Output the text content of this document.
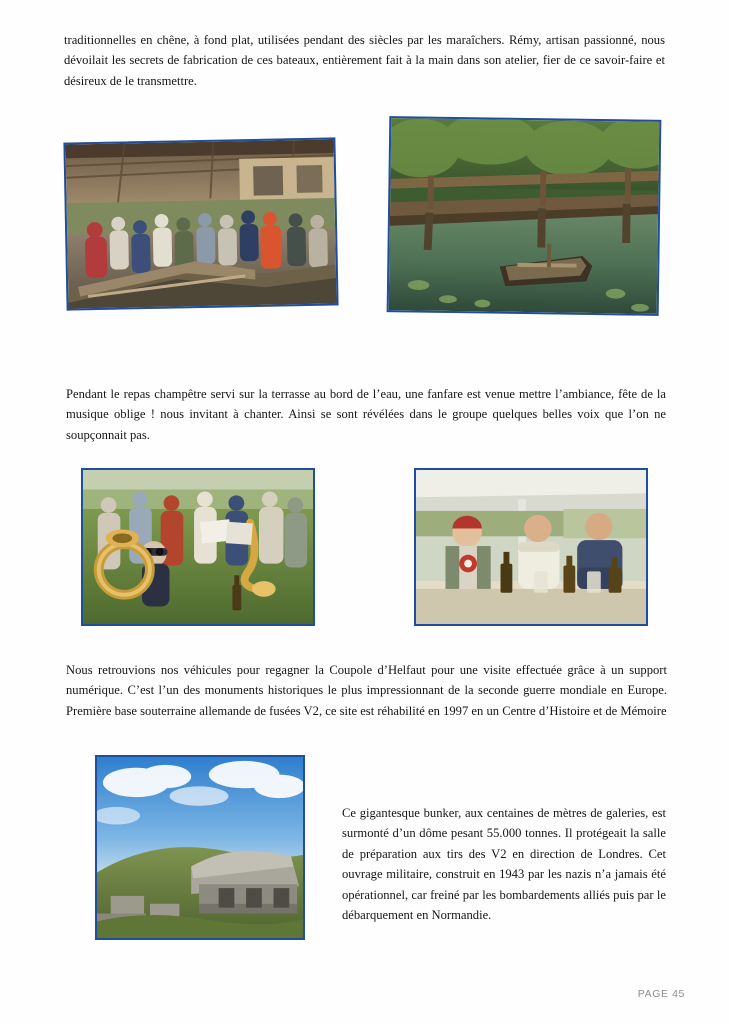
traditionnelles en chêne, à fond plat, utilisées pendant des siècles par les maraîchers. Rémy, artisan passionné, nous dévoilait les secrets de fabrication de ces bateaux, entièrement fait à la main dans son atelier, fier de ce savoir-faire et désireux de le transmettre.
Pendant le repas champêtre servi sur la terrasse au bord de l’eau, une fanfare est venue mettre l’ambiance, fête de la musique oblige ! nous invitant à chanter. Ainsi se sont révélées dans le groupe quelques belles voix que l’on ne soupçonnait pas.
Nous retrouvions nos véhicules pour regagner la Coupole d’Helfaut pour une visite effectuée grâce à un support numérique. C’est l’un des monuments historiques le plus impressionnant de la seconde guerre mondiale en Europe. Première base souterraine allemande de fusées V2, ce site est réhabilité en 1997 en un Centre d’Histoire et de Mémoire
Ce gigantesque bunker, aux centaines de mètres de galeries, est surmonté d’un dôme pesant 55.000 tonnes. Il protégeait la salle de préparation aux tirs des V2 en direction de Londres. Cet ouvrage militaire, construit en 1943 par les nazis n’a jamais été opérationnel, car freiné par les bombardements alliés puis par le débarquement en Normandie.
PAGE 45
